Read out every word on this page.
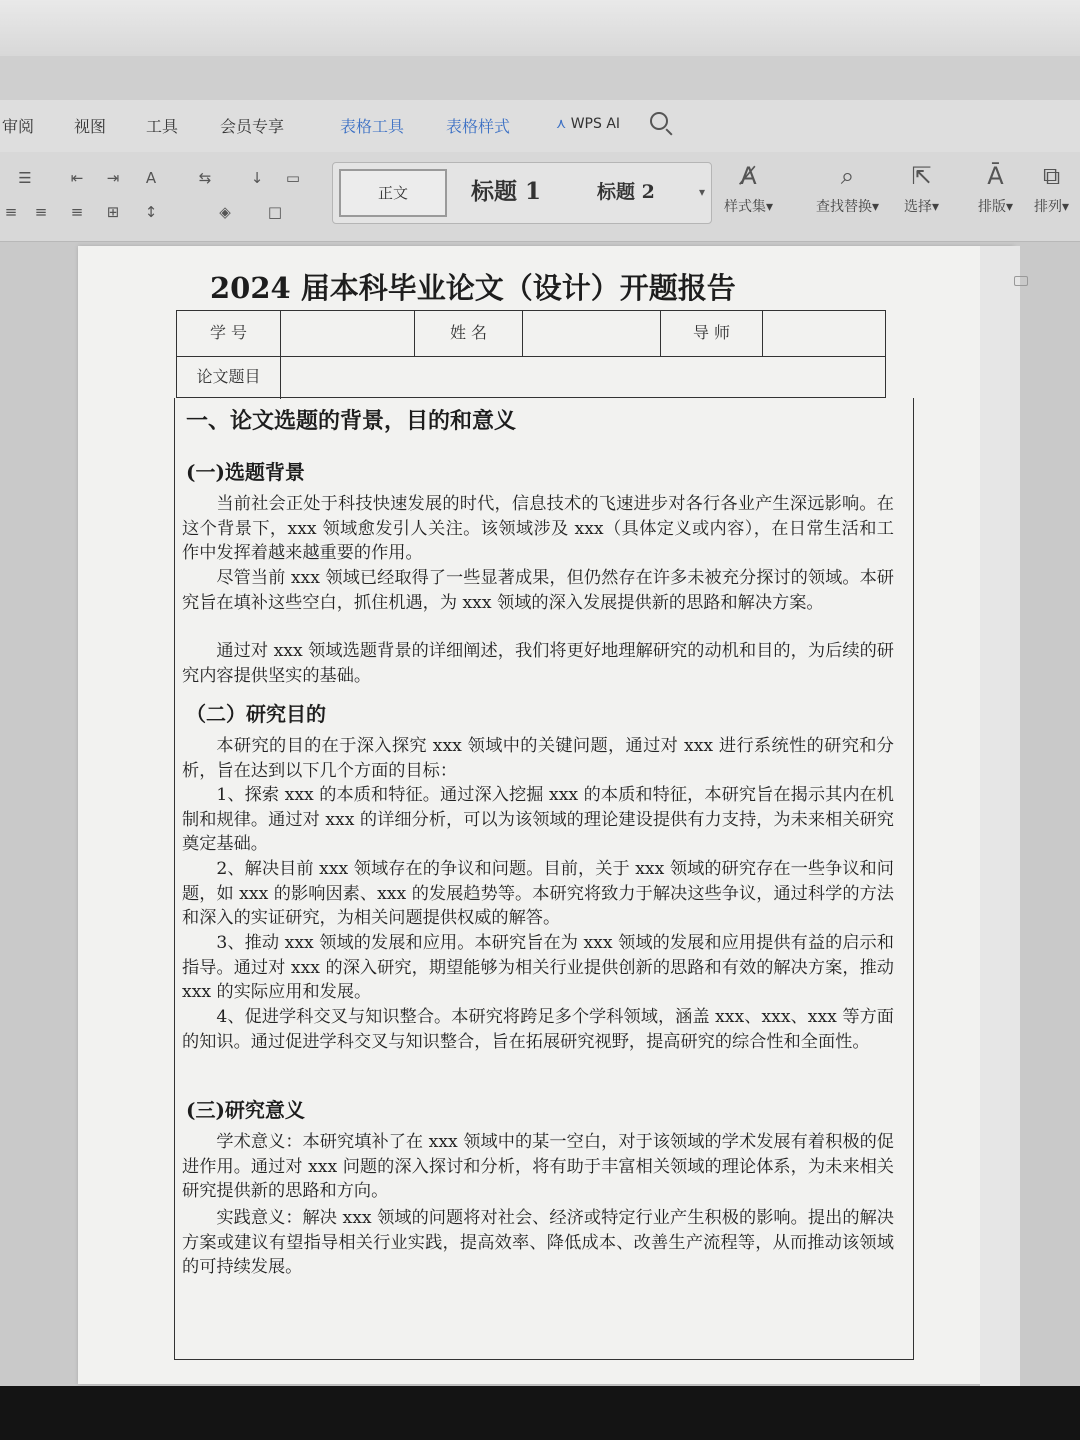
审阅 视图 工具	会员专享	表格工具	表格样式	⋏ WPS AI
☰	⇤	⇥	A	⇆	↓	▭
≡	≡	≡	⊞	↕	◈	□
正文	标题 1	标题 2	▾
A̸
样式集▾
⌕
查找替换▾
⇱
选择▾
Ā
排版▾
⧉
排列▾
2024 届本科毕业论文（设计）开题报告
学 号	姓 名	导 师
论文题目
一、论文选题的背景，目的和意义
(一)选题背景
当前社会正处于科技快速发展的时代，信息技术的飞速进步对各行各业产生深远影响。在这个背景下，xxx 领域愈发引人关注。该领域涉及 xxx（具体定义或内容），在日常生活和工作中发挥着越来越重要的作用。
尽管当前 xxx 领域已经取得了一些显著成果，但仍然存在许多未被充分探讨的领域。本研究旨在填补这些空白，抓住机遇，为 xxx 领域的深入发展提供新的思路和解决方案。
通过对 xxx 领域选题背景的详细阐述，我们将更好地理解研究的动机和目的，为后续的研究内容提供坚实的基础。
（二）研究目的
本研究的目的在于深入探究 xxx 领域中的关键问题，通过对 xxx 进行系统性的研究和分析，旨在达到以下几个方面的目标：
1、探索 xxx 的本质和特征。通过深入挖掘 xxx 的本质和特征，本研究旨在揭示其内在机制和规律。通过对 xxx 的详细分析，可以为该领域的理论建设提供有力支持，为未来相关研究奠定基础。
2、解决目前 xxx 领域存在的争议和问题。目前，关于 xxx 领域的研究存在一些争议和问题，如 xxx 的影响因素、xxx 的发展趋势等。本研究将致力于解决这些争议，通过科学的方法和深入的实证研究，为相关问题提供权威的解答。
3、推动 xxx 领域的发展和应用。本研究旨在为 xxx 领域的发展和应用提供有益的启示和指导。通过对 xxx 的深入研究，期望能够为相关行业提供创新的思路和有效的解决方案，推动 xxx 的实际应用和发展。
4、促进学科交叉与知识整合。本研究将跨足多个学科领域，涵盖 xxx、xxx、xxx 等方面的知识。通过促进学科交叉与知识整合，旨在拓展研究视野，提高研究的综合性和全面性。
(三)研究意义
学术意义：本研究填补了在 xxx 领域中的某一空白，对于该领域的学术发展有着积极的促进作用。通过对 xxx 问题的深入探讨和分析，将有助于丰富相关领域的理论体系，为未来相关研究提供新的思路和方向。
实践意义：解决 xxx 领域的问题将对社会、经济或特定行业产生积极的影响。提出的解决方案或建议有望指导相关行业实践，提高效率、降低成本、改善生产流程等，从而推动该领域的可持续发展。
